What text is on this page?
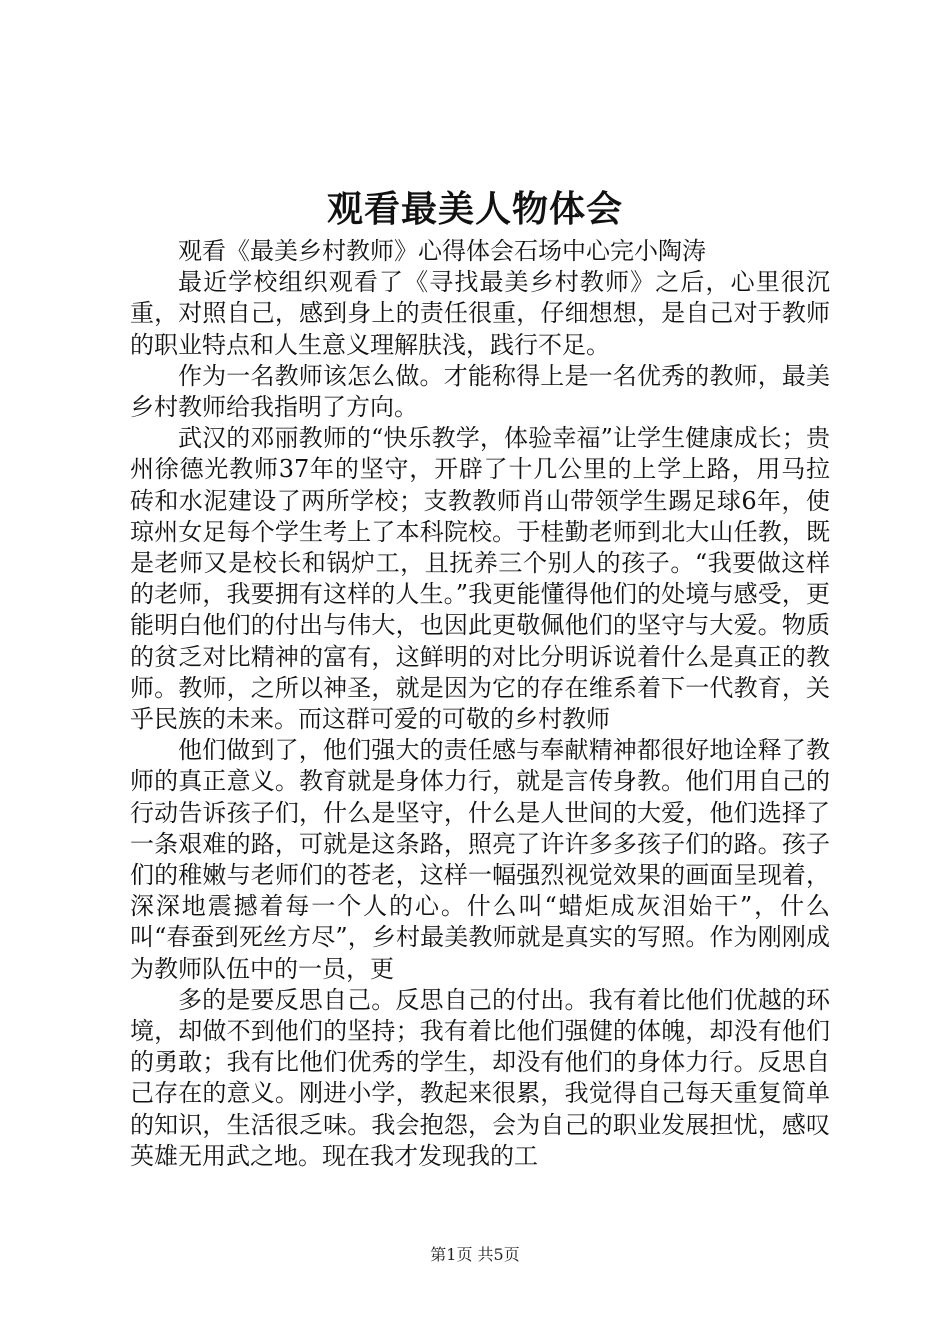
观看最美人物体会

观看《最美乡村教师》心得体会石场中心完小陶涛

最近学校组织观看了《寻找最美乡村教师》之后，心里很沉重，对照自己，感到身上的责任很重，仔细想想，是自己对于教师的职业特点和人生意义理解肤浅，践行不足。

作为一名教师该怎么做。才能称得上是一名优秀的教师，最美乡村教师给我指明了方向。

武汉的邓丽教师的“快乐教学，体验幸福”让学生健康成长；贵州徐德光教师37年的坚守，开辟了十几公里的上学上路，用马拉砖和水泥建设了两所学校；支教教师肖山带领学生踢足球6年，使琼州女足每个学生考上了本科院校。于桂勤老师到北大山任教，既是老师又是校长和锅炉工，且抚养三个别人的孩子。“我要做这样的老师，我要拥有这样的人生。”我更能懂得他们的处境与感受，更能明白他们的付出与伟大，也因此更敬佩他们的坚守与大爱。物质的贫乏对比精神的富有，这鲜明的对比分明诉说着什么是真正的教师。教师，之所以神圣，就是因为它的存在维系着下一代教育，关乎民族的未来。而这群可爱的可敬的乡村教师

他们做到了，他们强大的责任感与奉献精神都很好地诠释了教师的真正意义。教育就是身体力行，就是言传身教。他们用自己的行动告诉孩子们，什么是坚守，什么是人世间的大爱，他们选择了一条艰难的路，可就是这条路，照亮了许许多多孩子们的路。孩子们的稚嫩与老师们的苍老，这样一幅强烈视觉效果的画面呈现着，深深地震撼着每一个人的心。什么叫“蜡炬成灰泪始干”，什么叫“春蚕到死丝方尽”，乡村最美教师就是真实的写照。作为刚刚成为教师队伍中的一员，更

多的是要反思自己。反思自己的付出。我有着比他们优越的环境，却做不到他们的坚持；我有着比他们强健的体魄，却没有他们的勇敢；我有比他们优秀的学生，却没有他们的身体力行。反思自己存在的意义。刚进小学，教起来很累，我觉得自己每天重复简单的知识，生活很乏味。我会抱怨，会为自己的职业发展担忧，感叹英雄无用武之地。现在我才发现我的工

第1页 共5页
